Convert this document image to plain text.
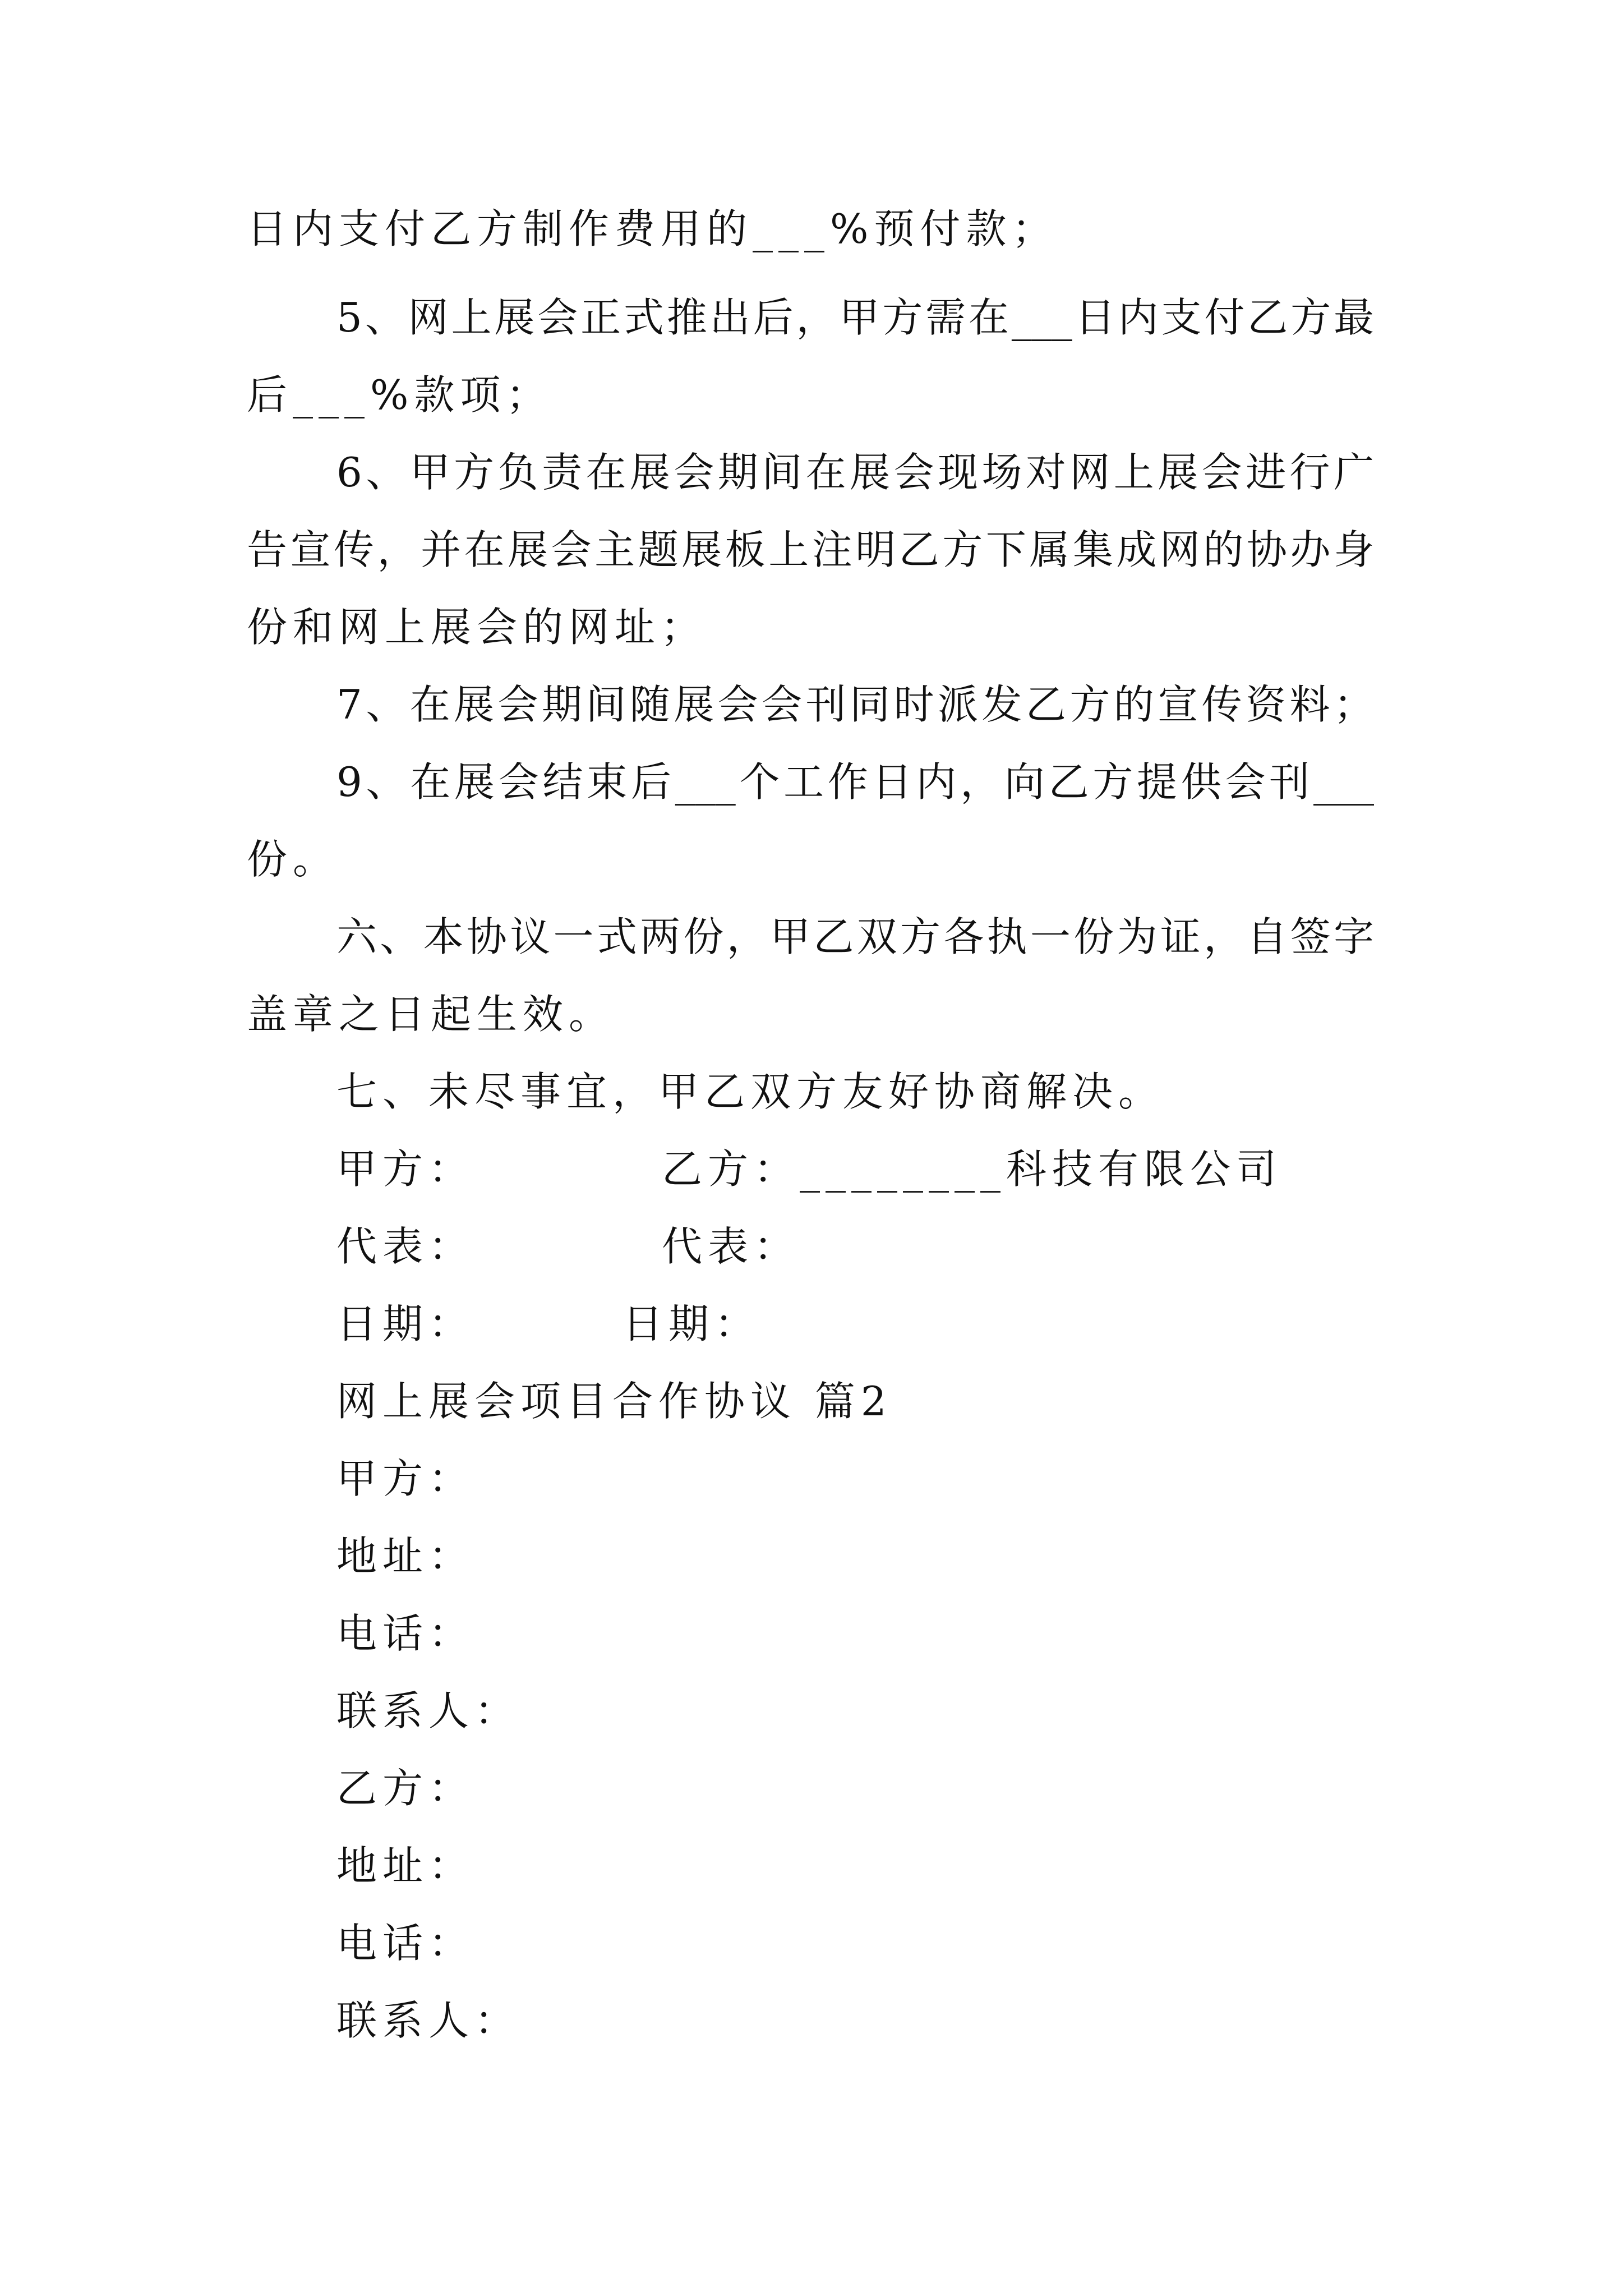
日内支付乙方制作费用的___%预付款；
5、网上展会正式推出后，甲方需在___日内支付乙方最
后___%款项；
6、甲方负责在展会期间在展会现场对网上展会进行广
告宣传，并在展会主题展板上注明乙方下属集成网的协办身
份和网上展会的网址；
7、在展会期间随展会会刊同时派发乙方的宣传资料；
9、在展会结束后___个工作日内，向乙方提供会刊___
份。
六、本协议一式两份，甲乙双方各执一份为证，自签字
盖章之日起生效。
七、未尽事宜，甲乙双方友好协商解决。
甲方：	乙方：________科技有限公司
代表：	代表：
日期：	日期：
网上展会项目合作协议 篇2
甲方：
地址：
电话：
联系人：
乙方：
地址：
电话：
联系人：
